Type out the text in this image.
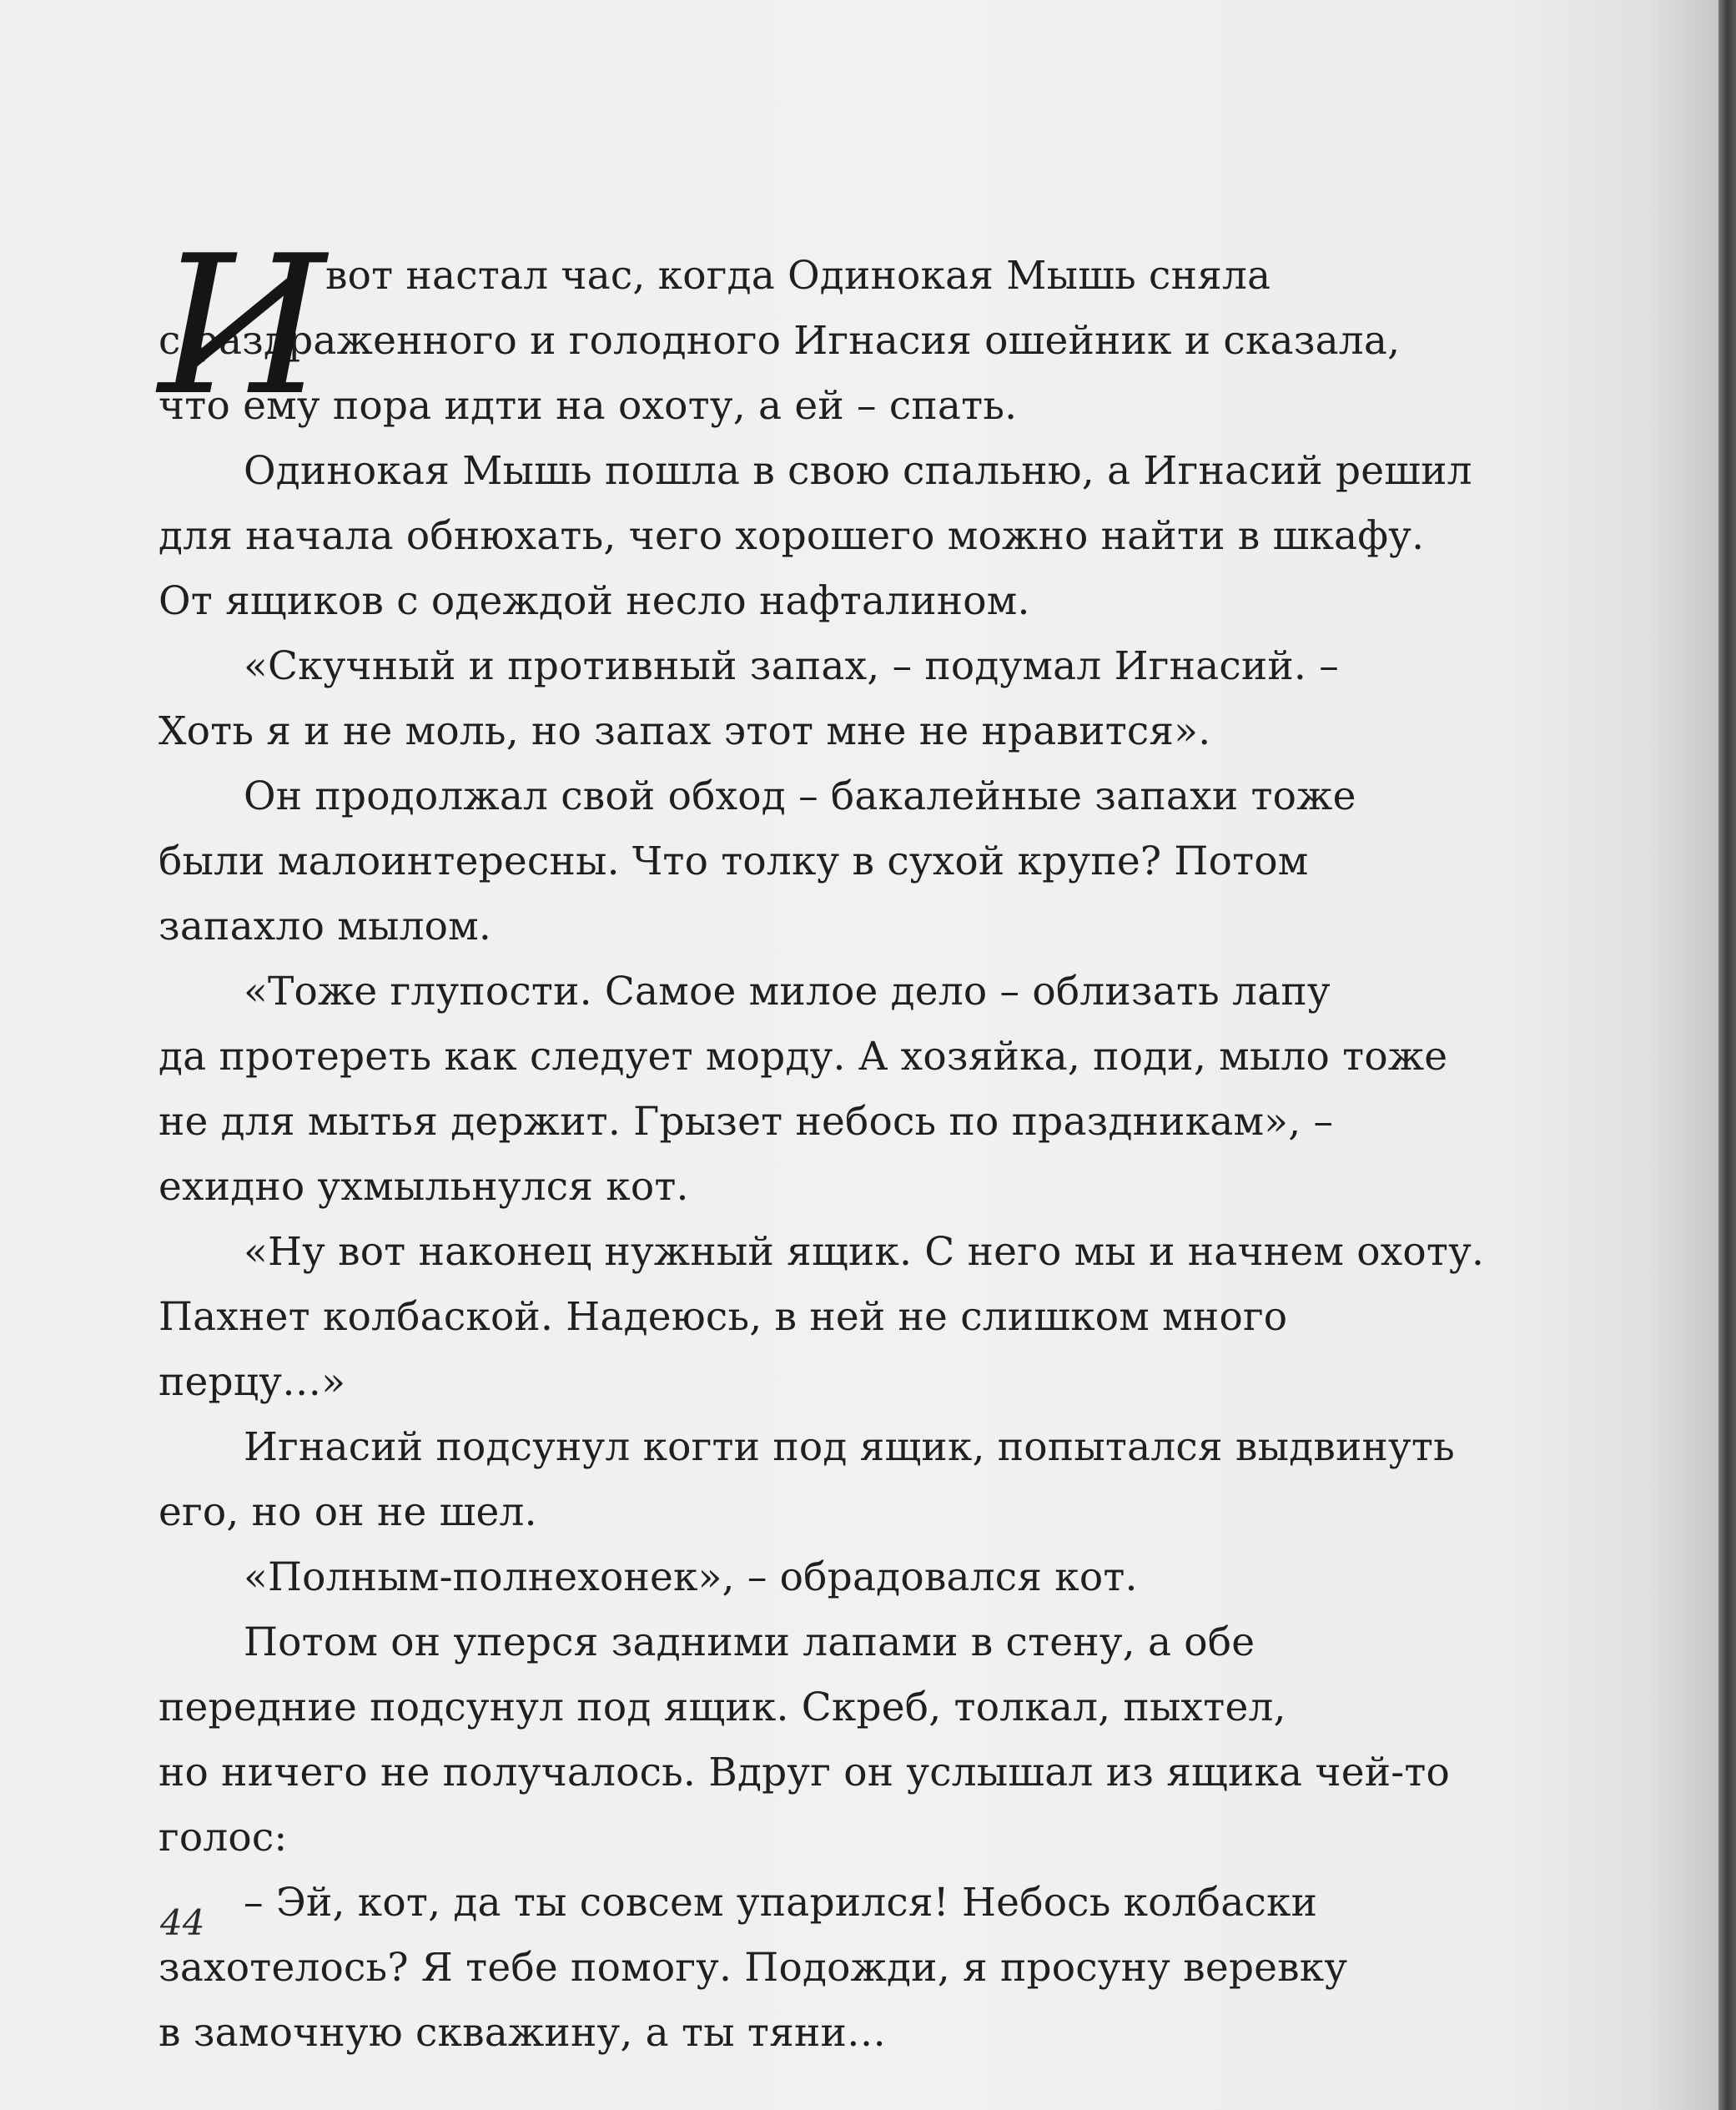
И вот настал час, когда Одинокая Мышь сняла
с раздраженного и голодного Игнасия ошейник и сказала,
что ему пора идти на охоту, а ей – спать.
Одинокая Мышь пошла в свою спальню, а Игнасий решил
для начала обнюхать, чего хорошего можно найти в шкафу.
От ящиков с одеждой несло нафталином.
«Скучный и противный запах, – подумал Игнасий. –
Хоть я и не моль, но запах этот мне не нравится».
Он продолжал свой обход – бакалейные запахи тоже
были малоинтересны. Что толку в сухой крупе? Потом
запахло мылом.
«Тоже глупости. Самое милое дело – облизать лапу
да протереть как следует морду. А хозяйка, поди, мыло тоже
не для мытья держит. Грызет небось по праздникам», –
ехидно ухмыльнулся кот.
«Ну вот наконец нужный ящик. С него мы и начнем охоту.
Пахнет колбаской. Надеюсь, в ней не слишком много
перцу…»
Игнасий подсунул когти под ящик, попытался выдвинуть
его, но он не шел.
«Полным-полнехонек», – обрадовался кот.
Потом он уперся задними лапами в стену, а обе
передние подсунул под ящик. Скреб, толкал, пыхтел,
но ничего не получалось. Вдруг он услышал из ящика чей-то
голос:
– Эй, кот, да ты совсем упарился! Небось колбаски
захотелось? Я тебе помогу. Подожди, я просуну веревку
в замочную скважину, а ты тяни…
44
